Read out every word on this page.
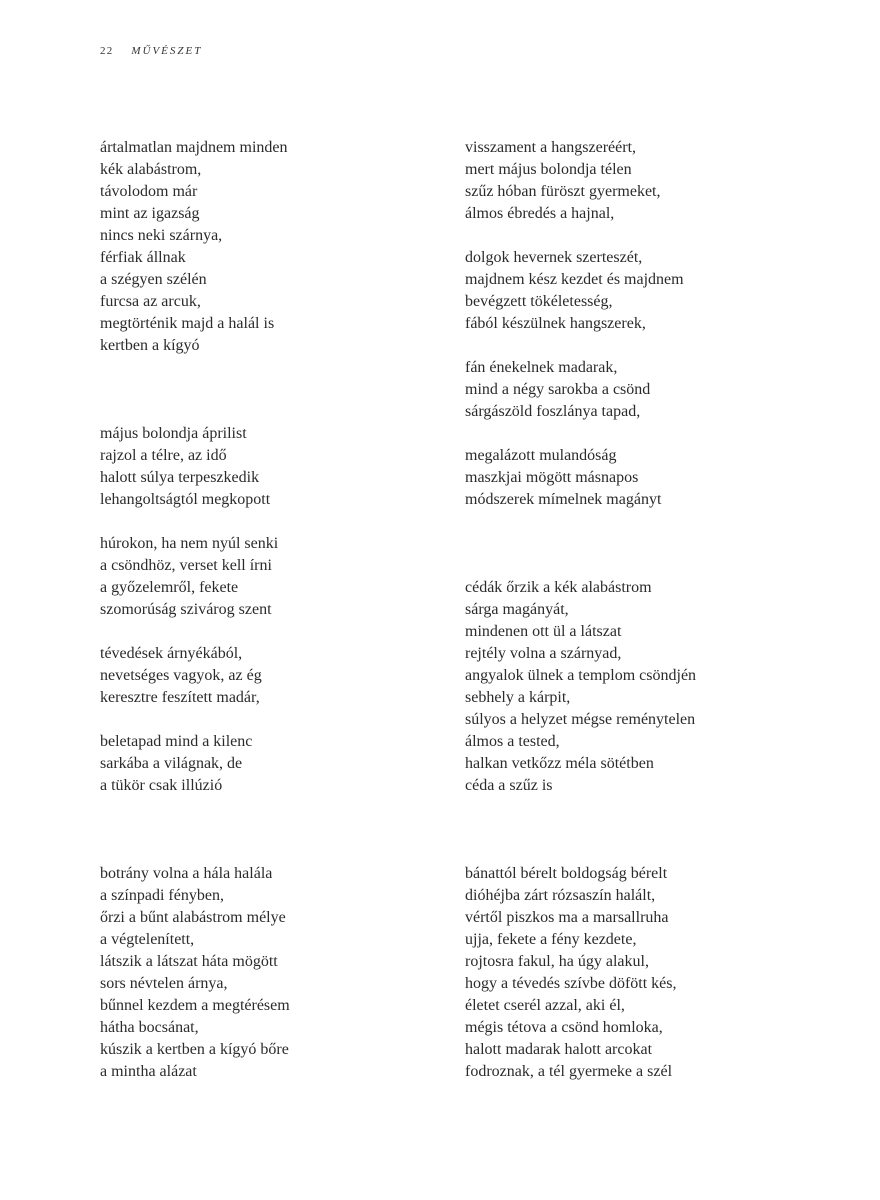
22 MŰVÉSZET
ártalmatlan majdnem minden
kék alabástrom,
távolodom már
mint az igazság
nincs neki szárnya,
férfiak állnak
a szégyen szélén
furcsa az arcuk,
megtörténik majd a halál is
kertben a kígyó
május bolondja áprilist
rajzol a télre, az idő
halott súlya terpeszkedik
lehangoltságtól megkopott
húrokon, ha nem nyúl senki
a csöndhöz, verset kell írni
a győzelemről, fekete
szomorúság szivárog szent
tévedések árnyékából,
nevetséges vagyok, az ég
keresztre feszített madár,
beletapad mind a kilenc
sarkába a világnak, de
a tükör csak illúzió
botrány volna a hála halála
a színpadi fényben,
őrzi a bűnt alabástrom mélye
a végtelenített,
látszik a látszat háta mögött
sors névtelen árnya,
bűnnel kezdem a megtérésem
hátha bocsánat,
kúszik a kertben a kígyó bőre
a mintha alázat
visszament a hangszeréért,
mert május bolondja télen
szűz hóban füröszt gyermeket,
álmos ébredés a hajnal,
dolgok hevernek szerteszét,
majdnem kész kezdet és majdnem
bevégzett tökéletesség,
fából készülnek hangszerek,
fán énekelnek madarak,
mind a négy sarokba a csönd
sárgászöld foszlánya tapad,
megalázott mulandóság
maszkjai mögött másnapos
módszerek mímelnek magányt
cédák őrzik a kék alabástrom
sárga magányát,
mindenen ott ül a látszat
rejtély volna a szárnyad,
angyalok ülnek a templom csöndjén
sebhely a kárpit,
súlyos a helyzet mégse reménytelen
álmos a tested,
halkan vetkőzz méla sötétben
céda a szűz is
bánattól bérelt boldogság bérelt
dióhéjba zárt rózsaszín halált,
vértől piszkos ma a marsallruha
ujja, fekete a fény kezdete,
rojtosra fakul, ha úgy alakul,
hogy a tévedés szívbe döfött kés,
életet cserél azzal, aki él,
mégis tétova a csönd homloka,
halott madarak halott arcokat
fodroznak, a tél gyermeke a szél
